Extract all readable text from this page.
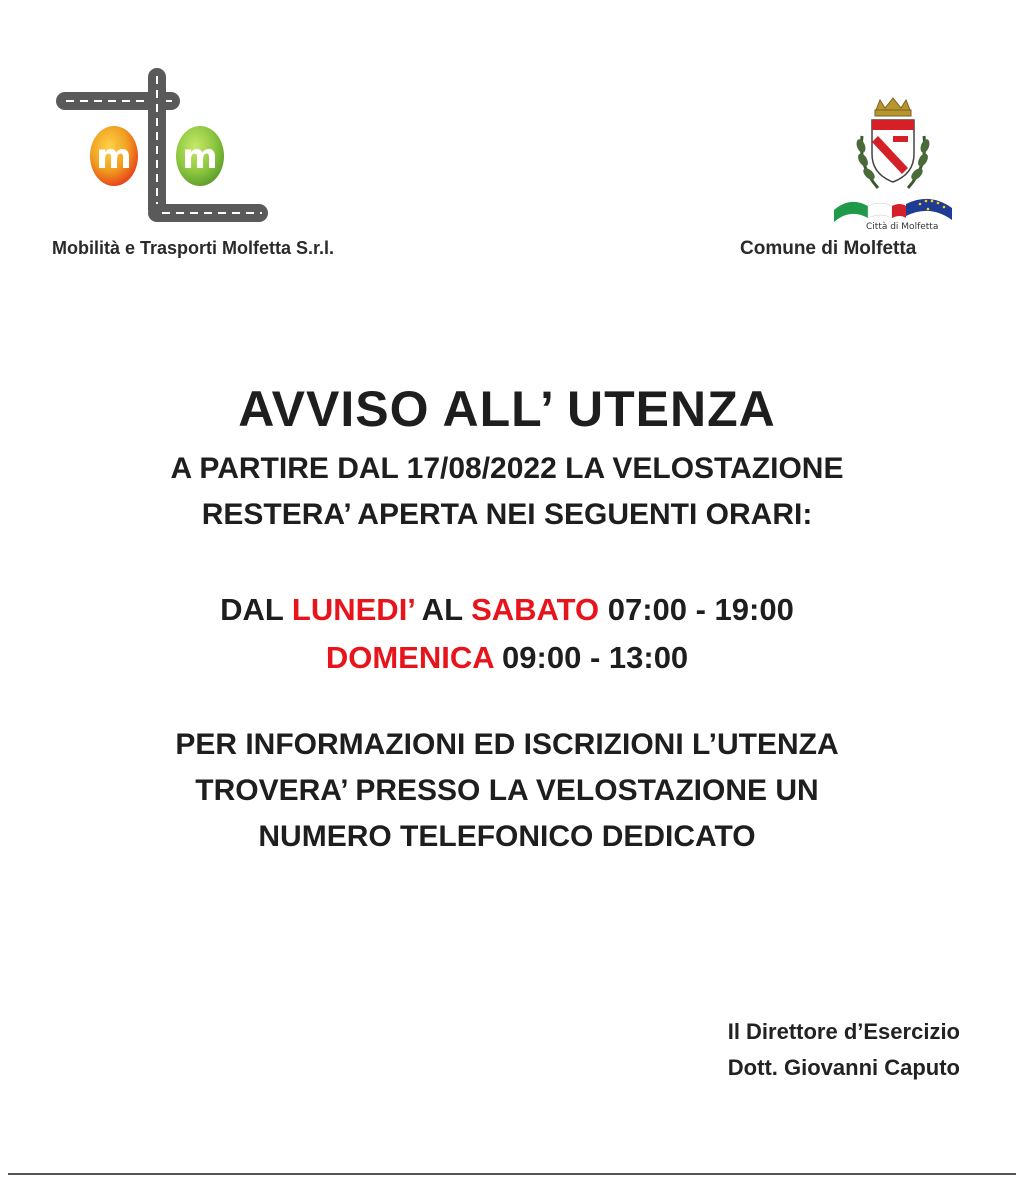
m m
Mobilità e Trasporti Molfetta S.r.l.
Città di Molfetta
Comune di Molfetta
AVVISO ALL’ UTENZA
A PARTIRE DAL 17/08/2022 LA VELOSTAZIONE
RESTERA’ APERTA NEI SEGUENTI ORARI:
DAL LUNEDI’ AL SABATO 07:00 - 19:00
DOMENICA 09:00 - 13:00
PER INFORMAZIONI ED ISCRIZIONI L’UTENZA
TROVERA’ PRESSO LA VELOSTAZIONE UN
NUMERO TELEFONICO DEDICATO
Il Direttore d’Esercizio
Dott. Giovanni Caputo
